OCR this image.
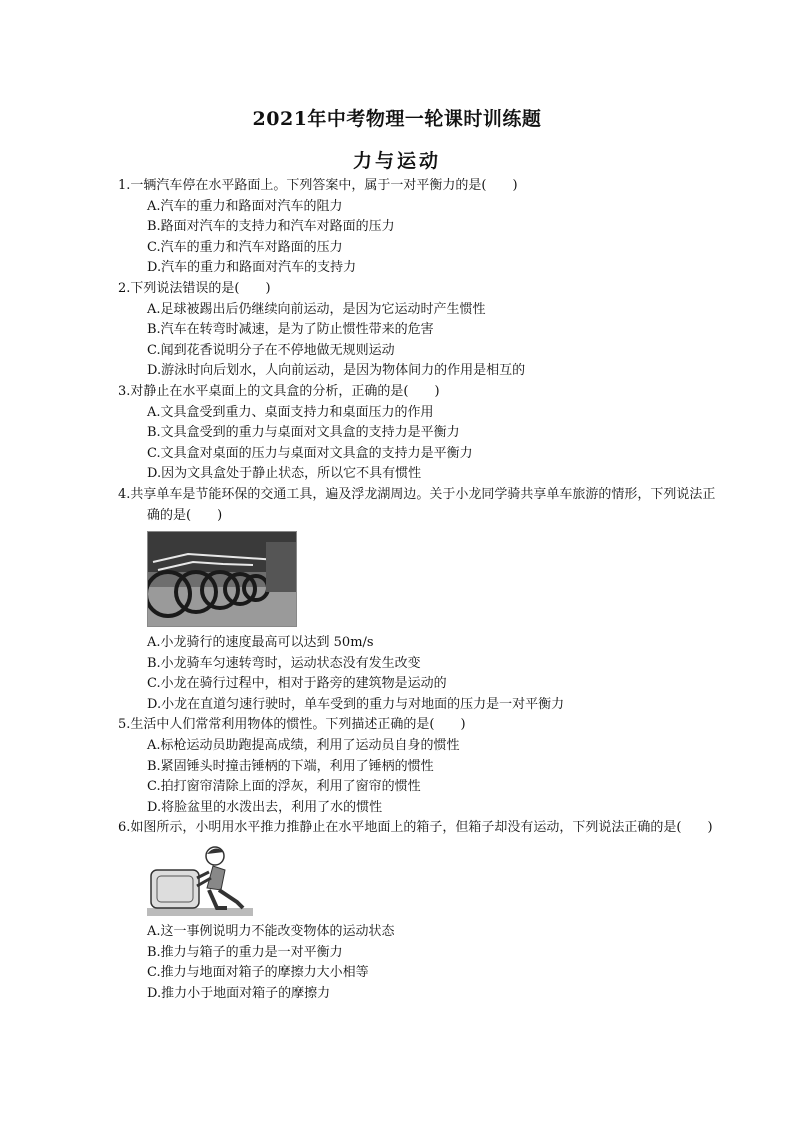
2021年中考物理一轮课时训练题
力与运动
1.一辆汽车停在水平路面上。下列答案中，属于一对平衡力的是(　　)
A.汽车的重力和路面对汽车的阻力
B.路面对汽车的支持力和汽车对路面的压力
C.汽车的重力和汽车对路面的压力
D.汽车的重力和路面对汽车的支持力
2.下列说法错误的是(　　)
A.足球被踢出后仍继续向前运动，是因为它运动时产生惯性
B.汽车在转弯时减速，是为了防止惯性带来的危害
C.闻到花香说明分子在不停地做无规则运动
D.游泳时向后划水，人向前运动，是因为物体间力的作用是相互的
3.对静止在水平桌面上的文具盒的分析，正确的是(　　)
A.文具盒受到重力、桌面支持力和桌面压力的作用
B.文具盒受到的重力与桌面对文具盒的支持力是平衡力
C.文具盒对桌面的压力与桌面对文具盒的支持力是平衡力
D.因为文具盒处于静止状态，所以它不具有惯性
4.共享单车是节能环保的交通工具，遍及浮龙湖周边。关于小龙同学骑共享单车旅游的情形，下列说法正确的是(　　)
A.小龙骑行的速度最高可以达到 50m/s
B.小龙骑车匀速转弯时，运动状态没有发生改变
C.小龙在骑行过程中，相对于路旁的建筑物是运动的
D.小龙在直道匀速行驶时，单车受到的重力与对地面的压力是一对平衡力
5.生活中人们常常利用物体的惯性。下列描述正确的是(　　)
A.标枪运动员助跑提高成绩，利用了运动员自身的惯性
B.紧固锤头时撞击锤柄的下端，利用了锤柄的惯性
C.拍打窗帘清除上面的浮灰，利用了窗帘的惯性
D.将脸盆里的水泼出去，利用了水的惯性
6.如图所示，小明用水平推力推静止在水平地面上的箱子，但箱子却没有运动，下列说法正确的是(　　)
A.这一事例说明力不能改变物体的运动状态
B.推力与箱子的重力是一对平衡力
C.推力与地面对箱子的摩擦力大小相等
D.推力小于地面对箱子的摩擦力
